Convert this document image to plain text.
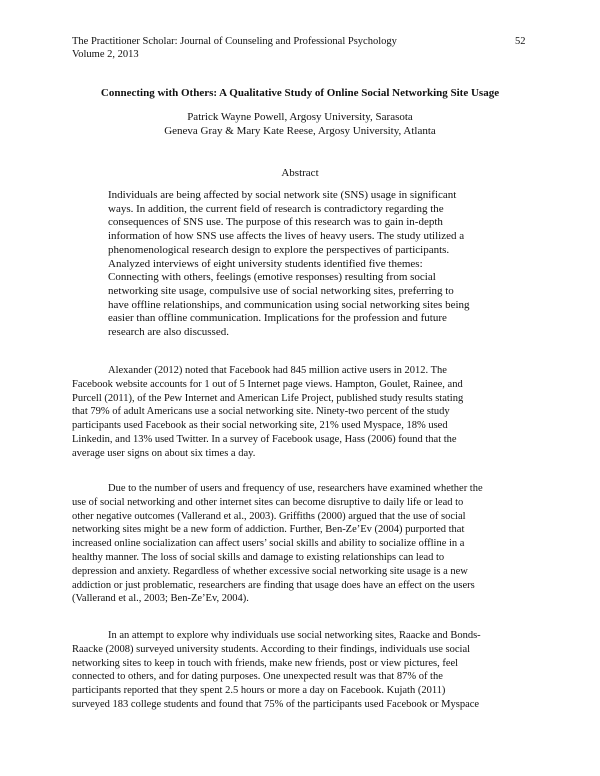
The Practitioner Scholar: Journal of Counseling and Professional Psychology
Volume 2, 2013
52
Connecting with Others: A Qualitative Study of Online Social Networking Site Usage
Patrick Wayne Powell, Argosy University, Sarasota
Geneva Gray & Mary Kate Reese, Argosy University, Atlanta
Abstract
Individuals are being affected by social network site (SNS) usage in significant
ways. In addition, the current field of research is contradictory regarding the
consequences of SNS use. The purpose of this research was to gain in-depth
information of how SNS use affects the lives of heavy users. The study utilized a
phenomenological research design to explore the perspectives of participants.
Analyzed interviews of eight university students identified five themes:
Connecting with others, feelings (emotive responses) resulting from social
networking site usage, compulsive use of social networking sites, preferring to
have offline relationships, and communication using social networking sites being
easier than offline communication. Implications for the profession and future
research are also discussed.
Alexander (2012) noted that Facebook had 845 million active users in 2012. The
Facebook website accounts for 1 out of 5 Internet page views. Hampton, Goulet, Rainee, and
Purcell (2011), of the Pew Internet and American Life Project, published study results stating
that 79% of adult Americans use a social networking site. Ninety-two percent of the study
participants used Facebook as their social networking site, 21% used Myspace, 18% used
Linkedin, and 13% used Twitter. In a survey of Facebook usage, Hass (2006) found that the
average user signs on about six times a day.
Due to the number of users and frequency of use, researchers have examined whether the
use of social networking and other internet sites can become disruptive to daily life or lead to
other negative outcomes (Vallerand et al., 2003). Griffiths (2000) argued that the use of social
networking sites might be a new form of addiction. Further, Ben-Ze’Ev (2004) purported that
increased online socialization can affect users’ social skills and ability to socialize offline in a
healthy manner. The loss of social skills and damage to existing relationships can lead to
depression and anxiety. Regardless of whether excessive social networking site usage is a new
addiction or just problematic, researchers are finding that usage does have an effect on the users
(Vallerand et al., 2003; Ben-Ze’Ev, 2004).
In an attempt to explore why individuals use social networking sites, Raacke and Bonds-
Raacke (2008) surveyed university students. According to their findings, individuals use social
networking sites to keep in touch with friends, make new friends, post or view pictures, feel
connected to others, and for dating purposes. One unexpected result was that 87% of the
participants reported that they spent 2.5 hours or more a day on Facebook. Kujath (2011)
surveyed 183 college students and found that 75% of the participants used Facebook or Myspace
